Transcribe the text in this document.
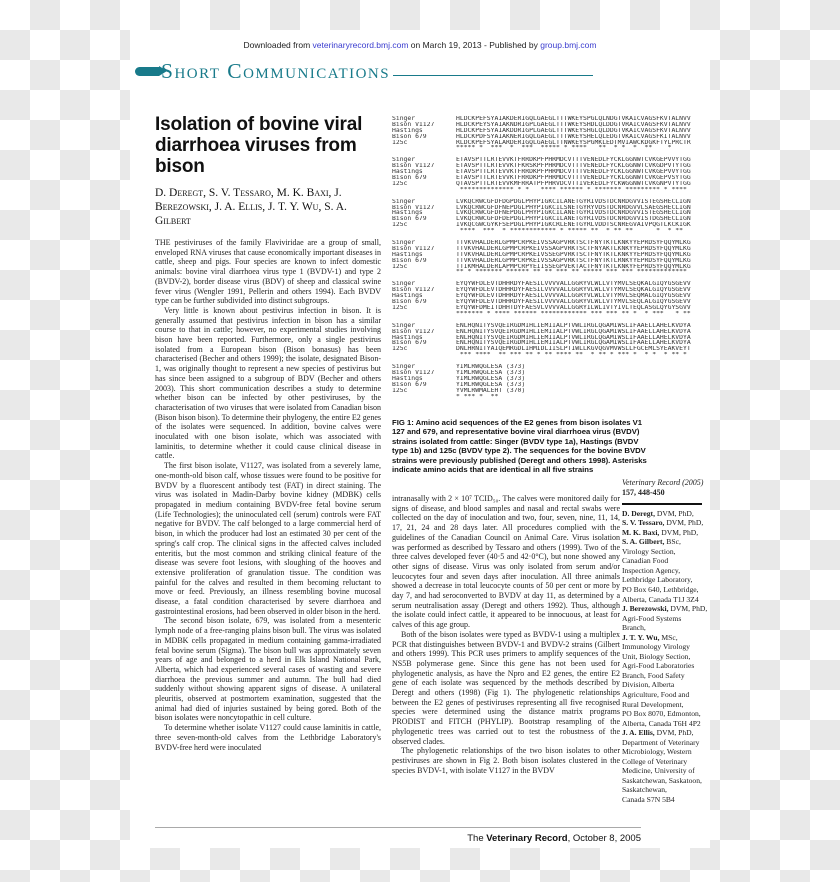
Downloaded from veterinaryrecord.bmj.com on March 19, 2013 - Published by group.bmj.com
Short Communications
Isolation of bovine viral diarrhoea viruses from bison
D. Deregt, S. V. Tessaro, M. K. Baxi, J. Berezowski, J. A. Ellis, J. T. Y. Wu, S. A. Gilbert

THE pestiviruses of the family Flaviviridae are a group of small, enveloped RNA viruses that cause economically important diseases in cattle, sheep and pigs. Four species are known to infect domestic animals: bovine viral diarrhoea virus type 1 (BVDV-1) and type 2 (BVDV-2), border disease virus (BDV) of sheep and classical swine fever virus (Wengler 1991, Pellerin and others 1994). Each BVDV type can be further subdivided into distinct subgroups.

Very little is known about pestivirus infection in bison. It is generally assumed that pestivirus infection in bison has a similar course to that in cattle; however, no experimental studies involving bison have been reported. Furthermore, only a single pestivirus isolated from a European bison (Bison bonasus) has been characterised (Becher and others 1999); the isolate, designated Bison-1, was originally thought to represent a new species of pestivirus but has since been assigned to a subgroup of BDV (Becher and others 2003). This short communication describes a study to determine whether bison can be infected by other pestiviruses, by the characterisation of two viruses that were isolated from Canadian bison (Bison bison bison). To determine their phylogeny, the entire E2 genes of the isolates were sequenced. In addition, bovine calves were inoculated with one bison isolate, which was associated with laminitis, to determine whether it could cause clinical disease in cattle.

The first bison isolate, V1127, was isolated from a severely lame, one-month-old bison calf, whose tissues were found to be positive for BVDV by a fluorescent antibody test (FAT) in direct staining. The virus was isolated in Madin-Darby bovine kidney (MDBK) cells propagated in medium containing BVDV-free fetal bovine serum (Life Technologies); the uninoculated cell (serum) controls were FAT negative for BVDV. The calf belonged to a large commercial herd of bison, in which the producer had lost an estimated 30 per cent of the spring's calf crop. The clinical signs in the affected calves included enteritis, but the most common and striking clinical feature of the disease was severe foot lesions, with sloughing of the hooves and extensive proliferation of granulation tissue. The condition was painful for the calves and resulted in them becoming reluctant to move or feed. Previously, an illness resembling bovine mucosal disease, a fatal condition characterised by severe diarrhoea and gastrointestinal erosions, had been observed in older bison in the herd.

The second bison isolate, 679, was isolated from a mesenteric lymph node of a free-ranging plains bison bull. The virus was isolated in MDBK cells propagated in medium containing gamma-irradiated fetal bovine serum (Sigma). The bison bull was approximately seven years of age and belonged to a herd in Elk Island National Park, Alberta, which had experienced several cases of wasting and severe diarrhoea the previous summer and autumn. The bull had died suddenly without showing apparent signs of disease. A unilateral pleuritis, observed at postmortem examination, suggested that the animal had died of injuries sustained by being gored. Both of the bison isolates were noncytopathic in cell culture.

To determine whether isolate V1127 could cause laminitis in cattle, three seven-month-old calves from the Lethbridge Laboratory's BVDV-free herd were inoculated

Singer	HLDCKPEFSYAIAKDERIGQLGAEGLTTTWKEYSPGLQLNDGTVKAICVAGSFKVTALNVV
Bison V1127	HLDCKPEYSYAIAKNDRIGPLGAEGLTTTWKEYSHDLQLDDGTVRAICVAGSFKVTALNVV
Hastings	HLDCKPEFSYAIAKDDRIGPLGAEGLTTTWKEYSHGLQLDDGTVKAICVAGSFKVTALNVV
Bison 679	HLDCKPDFSYAIAKNERIGQLGAEGLTTTWKEYSHELQLEDGTVKAICVAGSFKITALNVV
125c	RLDCKPEFSYALARDERIGQLGAEGLTTNWKEYSPGMKLEDTMVIAWCKDGKFTYLPRCTR
***** *  ***  *  ***  ***** * ****   **  * *  *  **    *
Singer	ETAVSPTTLRTEVVKTFRRDKPFPHRMDCVTTTVENEDLFYCKLGGNWTCVKGEPVVYTGG
Bison V1127	ETAVSPTTLRTEVVKTFKRSKPFPHRMDCVTTTVENEDLFYCKLGGNWTCVKGDPVTYTGG
Hastings	ETAVSPTTLRTEVVKTFRRDKPFPHRMDCVTTTVENEDLFYCKLGGNWTCVKGEPVVYTGG
Bison 679	ETAVSPTTLRTEVVKTFRRDKPFPHRMDCVTTTVENEDLFYCKLGGNWTCVKGEPVSYTGG
125c	QTAVSPTTLRTEVVKMFRRATPFPHRVDCVTTIVEKEDLFYCKWGGNWTCVKGNPVTYTGG
************** * *   **** ****** * ******* ********* * ****
Singer	LVKQCRWCGFDFDGPDGLPHYPIGKCILANETGYRIVDSTDCNRDGVVISTEGSHECLIGN
Bison V1127	LVKQCRWCGFDFNEPDGLPHYPIGKCILSNETGYRYVDSTDCNRDGVVLSAEGSHECLIGN
Hastings	LVKQCRWCGFDFNEPDGLPHYPIGKCILANETGYRIVDSTDCNRDGVVISTEGSHECLIGN
Bison 679	LVKQCRWCGFDFDEPDGLPHYPIGKCILANETGYRIVDSTDCNRDGVVISTDGSHECLIGN
125c	IVKQCGWCGYKFSEPDGLPHYPIGKCRLENETGYRLVDDTSCNREGVAIVPQGTLKCKIGK
****  ***  * ************ * ***** **  * ** **      *  * **
Singer	TTVKVHALDERLGPMPCRPKEIVSSAGPVRKTSCTFNYTKTLKNKYYEPRDSYFQQYMLKG
Bison V1127	TTVKVHALDERLGPMPCRPKEIVSSAGPVRKTSCTFNYAKTLKNKYYEPRDSYFQQYMLKG
Hastings	TTVKVHALDERLGPMPCRPKEIVSSEGPVRKTSCTFNYTKTLKNKYYEPRDSYFQQYMLKG
Bison 679	TTVKVHALDERLGPMPCRPKEIVSSAGPVRKTSCTFNYTKTLRNKYYEPRDSYFQQYMLKG
125c	TTIKMHALDERLAPMPCRPYEIISSEGPVEKTACTFNYTKTLKNKYFEPRDSYFQQYMLKG
** * ******* ****** ** ** *** ** ***** *** *** *************
Singer	EYQYWFDLEVTDHHRDYFAESILVVVVALLGGRYVLWLLVTYMVLSEQKALGIQYGSGEVV
Bison V1127	EYQYWFDLEVTDHHRDYFAESILVVVVALLGGRYVLWLLVTYMVLSEQKALGIQYGSGEVV
Hastings	EYQYWFDLEVTDHHRDYFAESILVVVVALLGGRYVLWLLVTYMVLSEQMALGIQYGSGEVV
Bison 679	EYQYWFDLEVTDHHRDYFAESILVVVVALLGGRYVLWLLVTYMVLSEQLALGIQYGSGEVV
125c	EYQYWFDMEITDHHTDYFAESVLVVVVALLGGRYILWLIVTYIVLTEQLASGLQYGYSGVV
******* * **** ****** ************ *** *** ** *  * ***   * **
Singer	ENLHQNITYSVQEIRGDMIHLIEMIIALPTVWLIRGLQGAMIWSLIFAAELLAHELKVDYA
Bison V1127	ENLHQNITYSVQEIRGDMIHLIEMIIALPTVWLIRGLQGAMIWSLIFAAELLAHELKVDYA
Hastings	ENLHQNITYSVQEIRGDMIHLIEMIIALPTVWLIRGLQGAMIWSLIFAAELLAHELKVDYA
Bison 679	ENLHQNITYSVQEIRGDMIHLIEMIIALPTVWLIRGLQGAMIWSLIFAAELLAHELKVDYA
125c	DNLHRNITYAIQEMRGDLIHMIDLIISLPTIWLLKGVQGVMVWSLLFGCEMLSYEAKVEYT
*** ****  ** *** ** * ** **** **  * ** * *** *  * *  * ** *
Singer	YIMLRWQGLESA (373)
Bison V1127	YIMLRWQGLESA (373)
Hastings	YIMLRWQGLESA (373)
Bison 679	YIMLRWQGLESA (373)
125c	YVMLRWMALEHT (370)
* *** *  **
FIG 1: Amino acid sequences of the E2 genes from bison isolates V1 127 and 679, and representative bovine viral diarrhoea virus (BVDV) strains isolated from cattle: Singer (BVDV type 1a), Hastings (BVDV type 1b) and 125c (BVDV type 2). The sequences for the bovine BVDV strains were previously published (Deregt and others 1998). Asterisks indicate amino acids that are identical in all five strains

intranasally with 2 × 10⁷ TCID₅₀. The calves were monitored daily for signs of disease, and blood samples and nasal and rectal swabs were collected on the day of inoculation and two, four, seven, nine, 11, 14, 17, 21, 24 and 28 days later. All procedures complied with the guidelines of the Canadian Council on Animal Care. Virus isolation was performed as described by Tessaro and others (1999). Two of the three calves developed fever (40·5 and 42·0°C), but none showed any other signs of disease. Virus was only isolated from serum and/or leucocytes four and seven days after inoculation. All three animals showed a decrease in total leucocyte counts of 50 per cent or more by day 7, and had seroconverted to BVDV at day 11, as determined by a serum neutralisation assay (Deregt and others 1992). Thus, although the isolate could infect cattle, it appeared to be innocuous, at least for calves of this age group.

Both of the bison isolates were typed as BVDV-1 using a multiplex PCR that distinguishes between BVDV-1 and BVDV-2 strains (Gilbert and others 1999). This PCR uses primers to amplify sequences of the NS5B polymerase gene. Since this gene has not been used for phylogenetic analysis, as have the Npro and E2 genes, the entire E2 gene of each isolate was sequenced by the methods described by Deregt and others (1998) (Fig 1). The phylogenetic relationships between the E2 genes of pestiviruses representing all five recognised species were determined using the distance matrix programs PRODIST and FITCH (PHYLIP). Bootstrap resampling of the phylogenetic trees was carried out to test the robustness of the observed clades.

The phylogenetic relationships of the two bison isolates to other pestiviruses are shown in Fig 2. Both bison isolates clustered in the species BVDV-1, with isolate V1127 in the BVDV

Veterinary Record (2005)
157, 448-450
D. Deregt, DVM, PhD,
S. V. Tessaro, DVM, PhD,
M. K. Baxi, DVM, PhD,
S. A. Gilbert, BSc,
Virology Section,
Canadian Food
Inspection Agency,
Lethbridge Laboratory,
PO Box 640, Lethbridge,
Alberta, Canada T1J 3Z4
J. Berezowski, DVM, PhD,
Agri-Food Systems
Branch,
J. T. Y. Wu, MSc,
Immunology Virology
Unit, Biology Section,
Agri-Food Laboratories
Branch, Food Safety
Division, Alberta
Agriculture, Food and
Rural Development,
PO Box 8070, Edmonton,
Alberta, Canada T6H 4P2
J. A. Ellis, DVM, PhD,
Department of Veterinary
Microbiology, Western
College of Veterinary
Medicine, University of
Saskatchewan, Saskatoon,
Saskatchewan,
Canada S7N 5B4
The Veterinary Record, October 8, 2005
